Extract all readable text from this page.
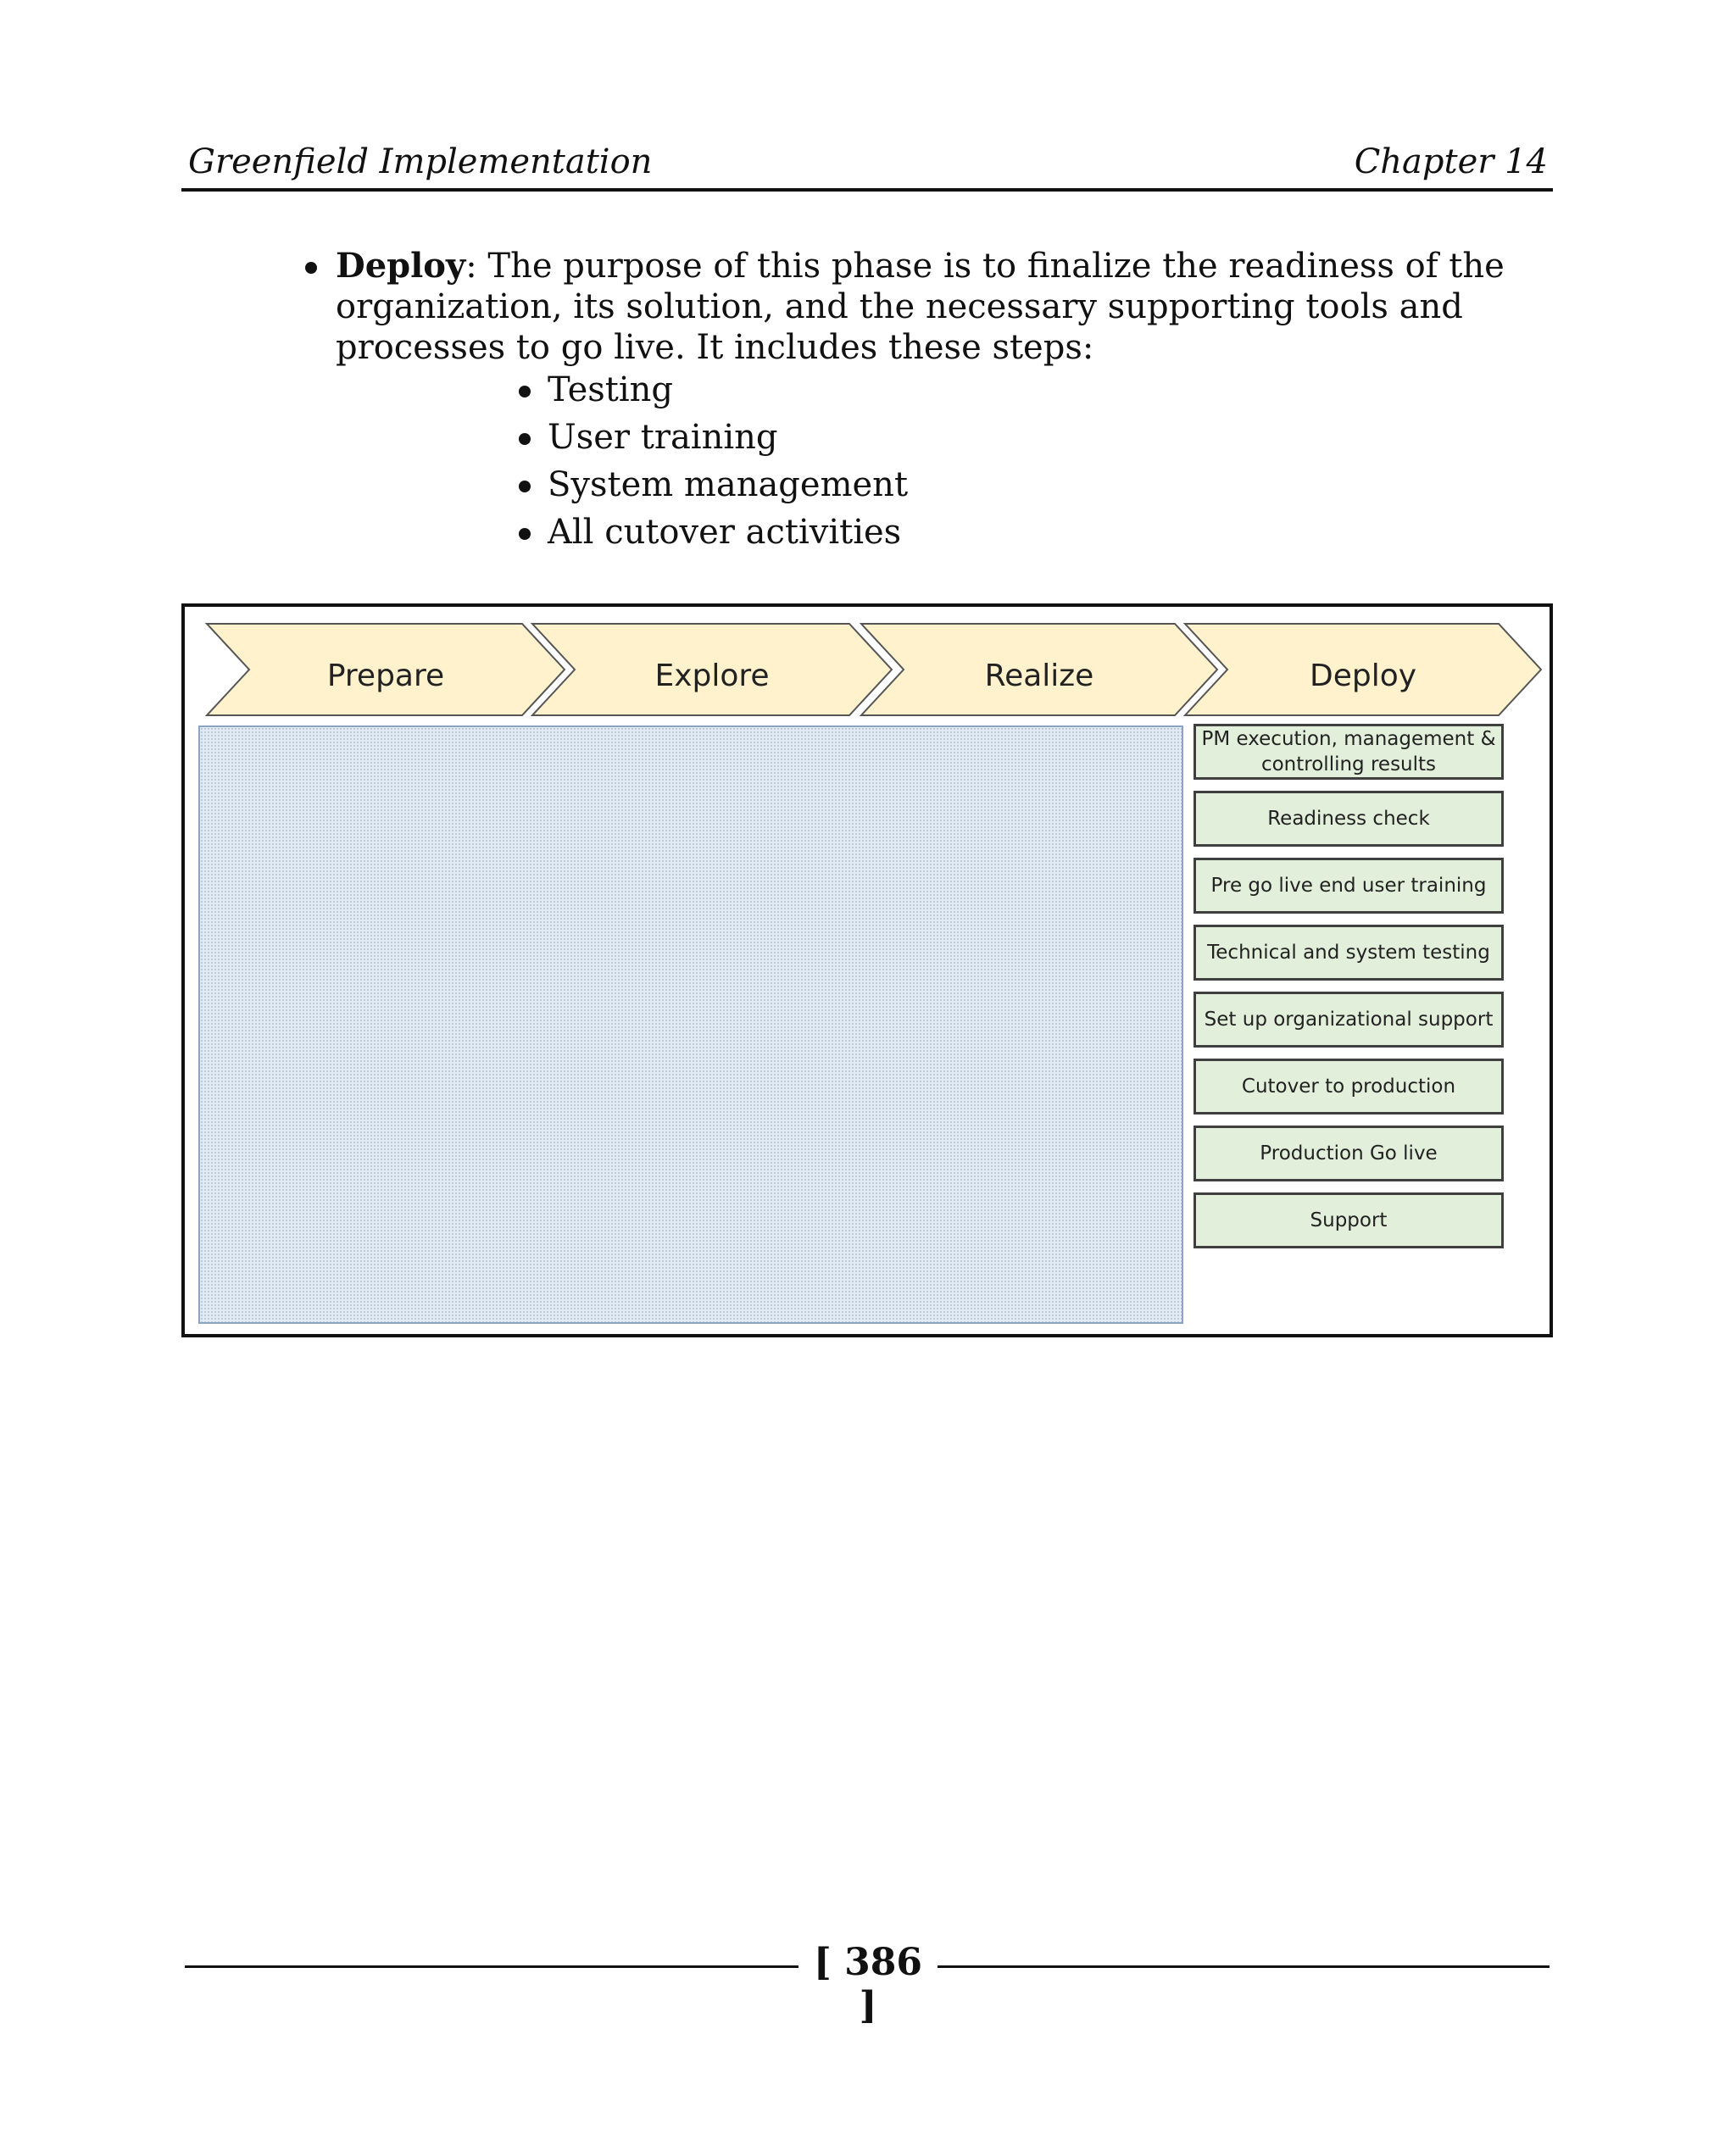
Greenfield Implementation	Chapter 14
Deploy: The purpose of this phase is to finalize the readiness of the organization, its solution, and the necessary supporting tools and processes to go live. It includes these steps:
Testing
User training
System management
All cutover activities
Prepare	Explore	Realize	Deploy
PM execution, management & controlling results
Readiness check
Pre go live end user training
Technical and system testing
Set up organizational support
Cutover to production
Production Go live
Support
[ 386 ]
